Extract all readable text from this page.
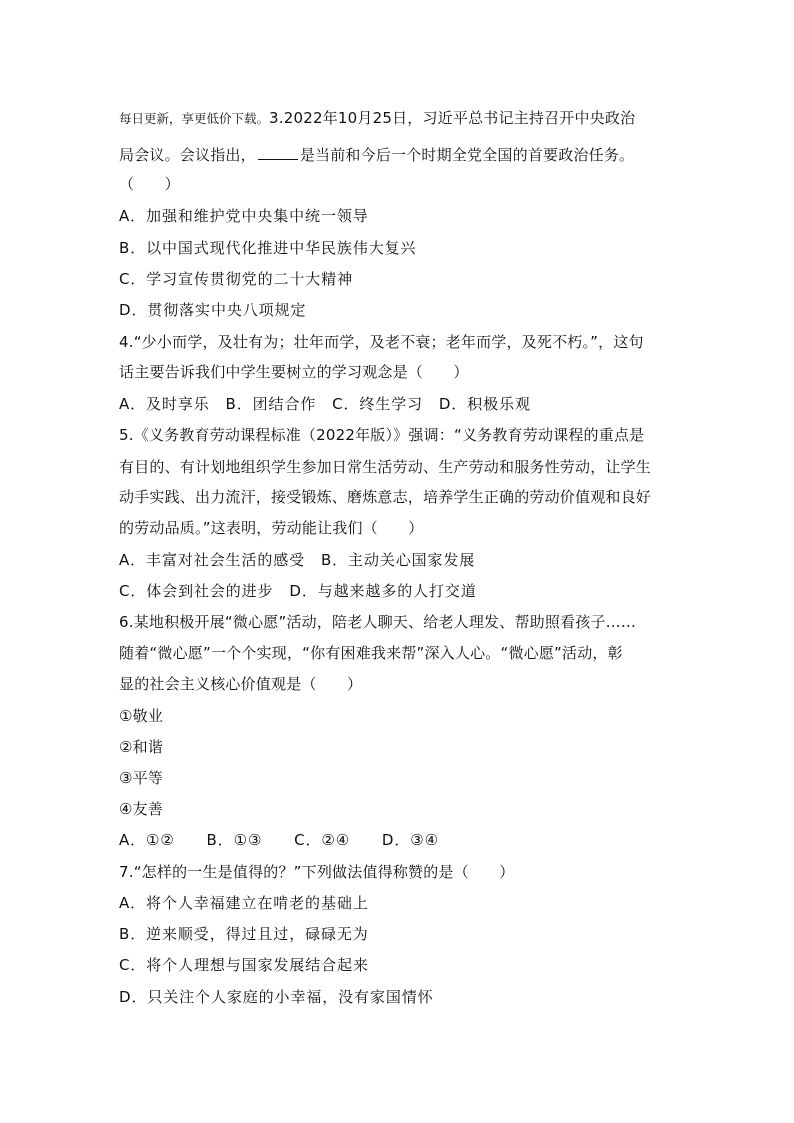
每日更新，享更低价下载。3.2022年10月25日，习近平总书记主持召开中央政治
局会议。会议指出，	是当前和今后一个时期全党全国的首要政治任务。
（　　）
A．加强和维护党中央集中统一领导
B．以中国式现代化推进中华民族伟大复兴
C．学习宣传贯彻党的二十大精神
D．贯彻落实中央八项规定
4.“少小而学，及壮有为；壮年而学，及老不衰；老年而学，及死不朽。”，这句
话主要告诉我们中学生要树立的学习观念是（　　）
A．及时享乐　B．团结合作　C．终生学习　D．积极乐观
5.《义务教育劳动课程标准（2022年版）》强调：“义务教育劳动课程的重点是
有目的、有计划地组织学生参加日常生活劳动、生产劳动和服务性劳动，让学生
动手实践、出力流汗，接受锻炼、磨炼意志，培养学生正确的劳动价值观和良好
的劳动品质。”这表明，劳动能让我们（　　）
A．丰富对社会生活的感受　B．主动关心国家发展
C．体会到社会的进步　D．与越来越多的人打交道
6.某地积极开展“微心愿”活动，陪老人聊天、给老人理发、帮助照看孩子……
随着“微心愿”一个个实现，“你有困难我来帮”深入人心。“微心愿”活动，彰
显的社会主义核心价值观是（　　）
①敬业
②和谐
③平等
④友善
A．①②　　B．①③　　C．②④　　D．③④
7.“怎样的一生是值得的？”下列做法值得称赞的是（　　）
A．将个人幸福建立在啃老的基础上
B．逆来顺受，得过且过，碌碌无为
C．将个人理想与国家发展结合起来
D．只关注个人家庭的小幸福，没有家国情怀
